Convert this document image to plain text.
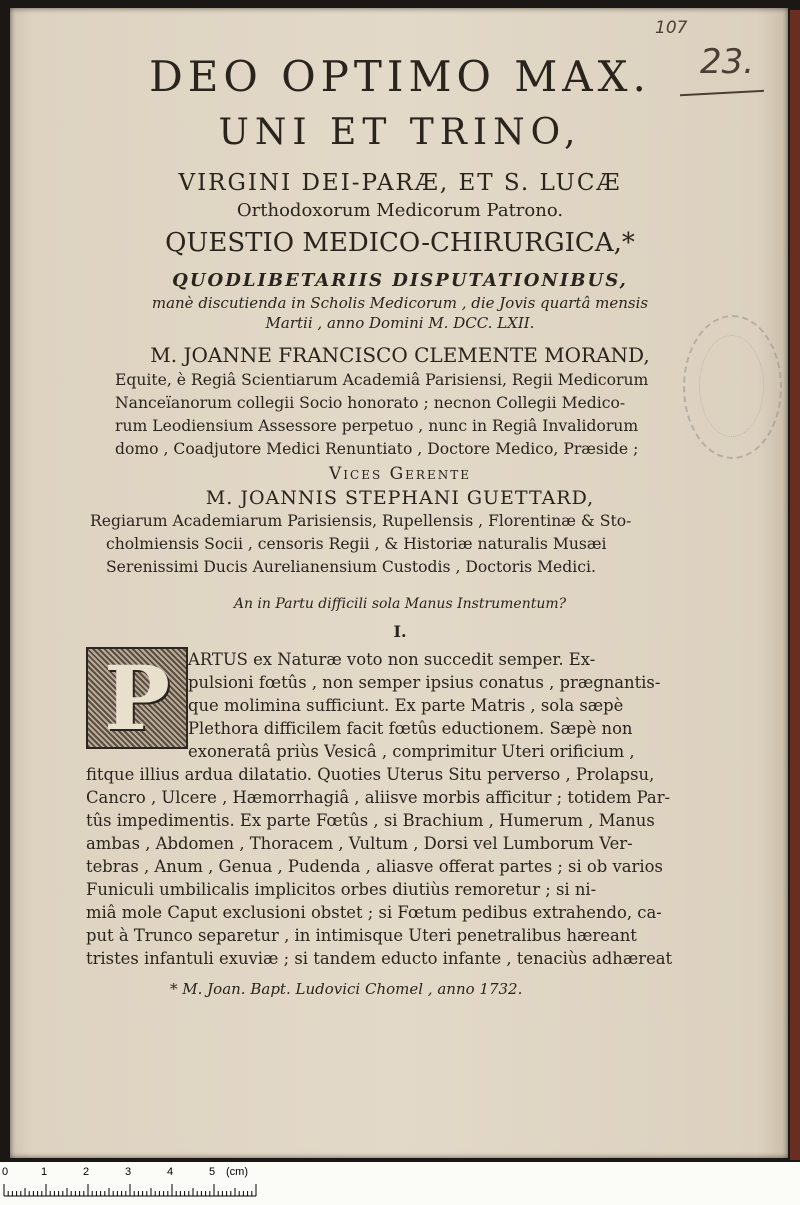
107
23.
DEO OPTIMO MAX.
UNI ET TRINO,
VIRGINI DEI-PARÆ, ET S. LUCÆ
Orthodoxorum Medicorum Patrono.
QUESTIO MEDICO-CHIRURGICA,*
QUODLIBETARIIS DISPUTATIONIBUS,
manè discutienda in Scholis Medicorum , die Jovis quartâ mensis
Martii , anno Domini M. DCC. LXII.
M. JOANNE FRANCISCO CLEMENTE MORAND,
Equite, è Regiâ Scientiarum Academiâ Parisiensi, Regii Medicorum
Nanceïanorum collegii Socio honorato ; necnon Collegii Medico-
rum Leodiensium Assessore perpetuo , nunc in Regiâ Invalidorum
domo , Coadjutore Medici Renuntiato , Doctore Medico, Præside ;
Vices Gerente
M. JOANNIS STEPHANI GUETTARD,
Regiarum Academiarum Parisiensis, Rupellensis , Florentinæ & Sto-
cholmiensis Socii , censoris Regii , & Historiæ naturalis Musæi
Serenissimi Ducis Aurelianensium Custodis , Doctoris Medici.
An in Partu difficili sola Manus Instrumentum?
I.
P	ARTUS ex Naturæ voto non succedit semper. Ex-
pulsioni fœtûs , non semper ipsius conatus , prægnantis-
que molimina sufficiunt. Ex parte Matris , sola sæpè
Plethora difficilem facit fœtûs eductionem. Sæpè non
exoneratâ priùs Vesicâ , comprimitur Uteri orificium ,
fitque illius ardua dilatatio. Quoties Uterus Situ perverso , Prolapsu,
Cancro , Ulcere , Hæmorrhagiâ , aliisve morbis afficitur ; totidem Par-
tûs impedimentis. Ex parte Fœtûs , si Brachium , Humerum , Manus
ambas , Abdomen , Thoracem , Vultum , Dorsi vel Lumborum Ver-
tebras , Anum , Genua , Pudenda , aliasve offerat partes ; si ob varios
Funiculi umbilicalis implicitos orbes diutiùs remoretur ; si ni-
miâ mole Caput exclusioni obstet ; si Fœtum pedibus extrahendo, ca-
put à Trunco separetur , in intimisque Uteri penetralibus hæreant
tristes infantuli exuviæ ; si tandem educto infante , tenaciùs adhæreat
* M. Joan. Bapt. Ludovici Chomel , anno 1732.
0	1	2	3	4	5 (cm)
